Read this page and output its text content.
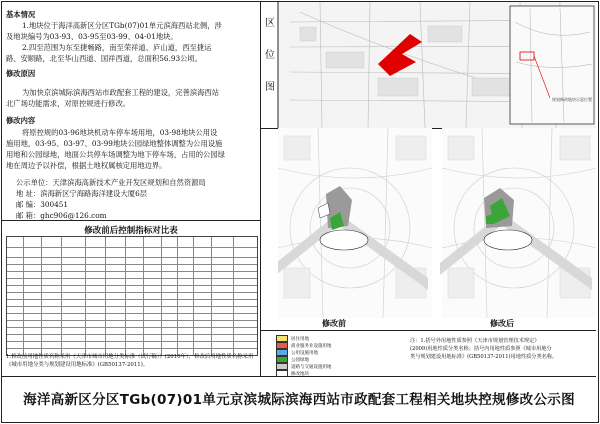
基本情况
1.地块位于海洋高新区分区TGb(07)01单元滨海西站北侧，涉
及地块编号为03-93、03-95至03-99、04-01地块。
2.四至范围为东至捷畅路，南至荣祥道、庐山道，西至捷运
路、安顺路，北至华山西道、国祥西道，总面积56.93公顷。
修改原因
为加快京滨城际滨海西站市政配套工程的建设，完善滨海西站
北广场功能需求，对原控规进行修改。
修改内容
将原控规的03-96地块机动车停车场用地，03-98地块公用设
施用地，03-95、03-97、03-99地块公园绿地整体调整为公用设施
用地和公园绿地，地面公共停车场调整为地下停车场，占用的公园绿
地在周边予以补偿，根据土地权属核定用地边界。
公示单位：天津滨海高新技术产业开发区规划和自然资源局
地 址：滨海新区宁海路海洋建设大厦6层
邮 编：300451
邮 箱：ghc906@126.com
修改前后控制指标对比表
1.修改前用地性质名称采用《天津市城市用地分类标准（试行稿）》(2010年），修改后用地性质名称采用
《城市用地分类与规划建设用地标准》(GB50137-2011)。
规划修改地块示意位置
区

位

图
修改前	修改后
居住用地
商业服务业设施用地
公用设施用地
公园绿地
道路与交通设施用地
修改地块
注：1.括号外用地性质参照《天津市规划管理技术规定》
(2009)用地性质分类名称；括号内用地性质参照《城市用地分
类与规划建设用地标准》(GB50137-2011)用地性质分类名称。
海洋高新区分区TGb(07)01单元京滨城际滨海西站市政配套工程相关地块控规修改公示图
